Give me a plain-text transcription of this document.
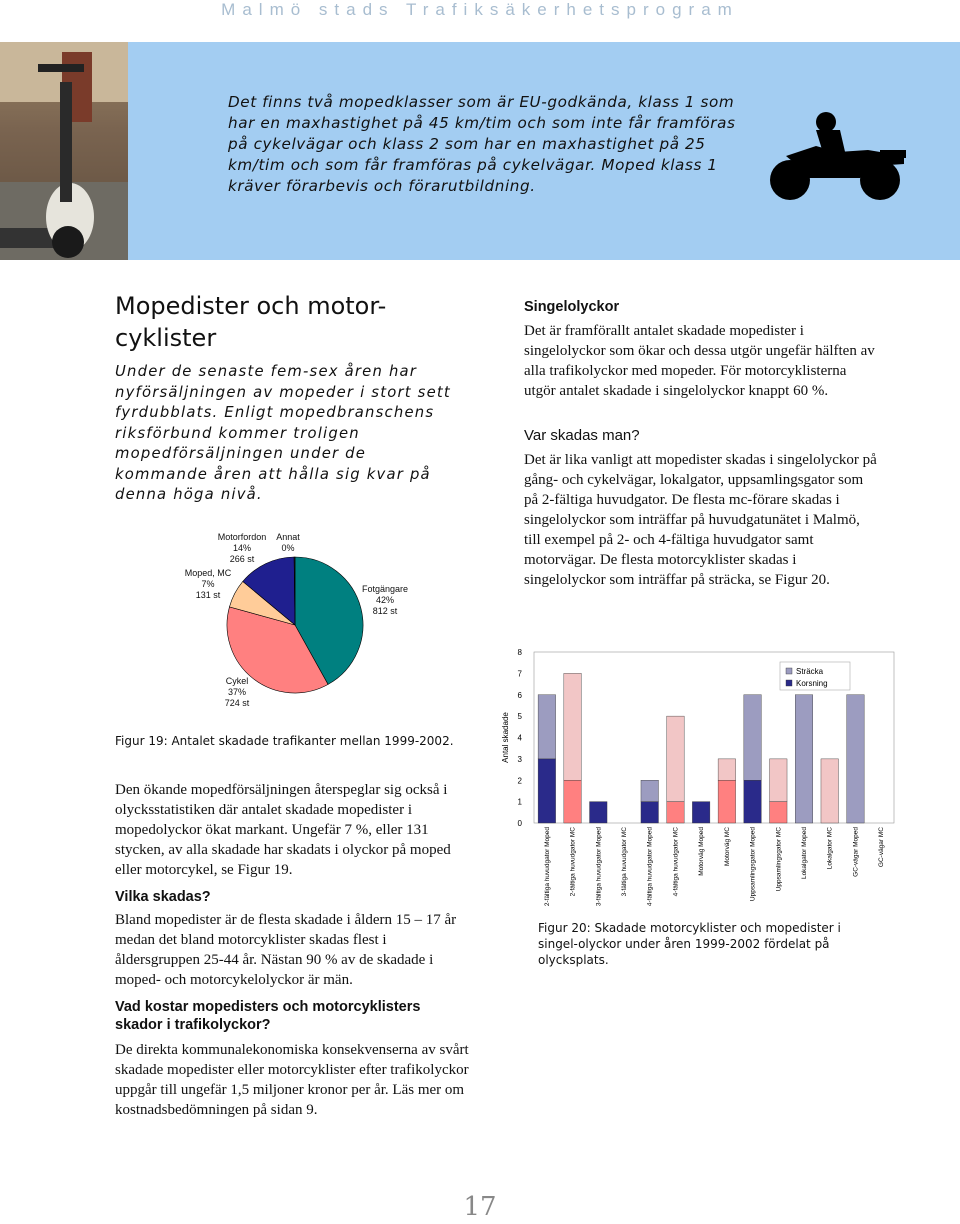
Malmö stads Trafiksäkerhetsprogram

Det finns två mopedklasser som är EU-godkända, klass 1 som har en maxhastighet på 45 km/tim och som inte får framföras på cykelvägar och klass 2 som har en maxhastighet på 25 km/tim och som får framföras på cykelvägar. Moped klass 1 kräver förarbevis och förarutbildning.

Mopedister och motor-
cyklister

Under de senaste fem-sex åren har nyförsäljningen av mopeder i stort sett fyrdubblats. Enligt mopedbranschens riksförbund kommer troligen mopedförsäljningen under de kommande åren att hålla sig kvar på denna höga nivå.

Motorfordon
14%
266 st
Annat
0%
Moped, MC
7%
131 st
Fotgängare
42%
812 st
Cykel
37%
724 st

Figur 19: Antalet skadade trafikanter mellan 1999-2002.

Den ökande mopedförsäljningen återspeglar sig också i olycksstatistiken där antalet skadade mopedister i mopedolyckor ökat markant. Ungefär 7 %, eller 131 stycken, av alla skadade har skadats i olyckor på moped eller motorcykel, se Figur 19.

Vilka skadas?

Bland mopedister är de flesta skadade i åldern 15 – 17 år medan det bland motorcyklister skadas flest i åldersgruppen 25-44 år. Nästan 90 % av de skadade i moped- och motorcykelolyckor är män.

Vad kostar mopedisters och motorcyklisters skador i trafikolyckor?

De direkta kommunalekonomiska konsekvenserna av svårt skadade mopedister eller motorcyklister efter trafikolyckor uppgår till ungefär 1,5 miljoner kronor per år. Läs mer om kostnadsbedömningen på sidan 9.

Singelolyckor

Det är framförallt antalet skadade mopedister i singelolyckor som ökar och dessa utgör ungefär hälften av alla trafikolyckor med mopeder. För motorcyklisterna utgör antalet skadade i singelolyckor knappt 60 %.

Var skadas man?

Det är lika vanligt att mopedister skadas i singelolyckor på gång- och cykelvägar, lokalgator, uppsamlingsgator som på 2-fältiga huvudgator. De flesta mc-förare skadas i singelolyckor som inträffar på huvudgatunätet i Malmö, till exempel på 2- och 4-fältiga huvudgator samt motorvägar. De flesta motorcyklister skadas i singelolyckor som inträffar på sträcka, se Figur 20.

0
1
2
3
4
5
6
7
8
Antal skadade
2-fältiga huvudgator Moped	2-fältiga huvudgator MC	3-fältiga huvudgator Moped	3-fältiga huvudgator MC	4-fältiga huvudgator Moped	4-fältiga huvudgator MC	Motorväg Moped	Motorväg MC	Uppsamlingsgator Moped	Uppsamlingsgator MC	Lokalgator Moped	Lokalgator MC	GC-vägar Moped	GC-vägar MC
Sträcka
Korsning

Figur 20: Skadade motorcyklister och mopedister i singel-olyckor under åren 1999-2002 fördelat på olycksplats.

17
